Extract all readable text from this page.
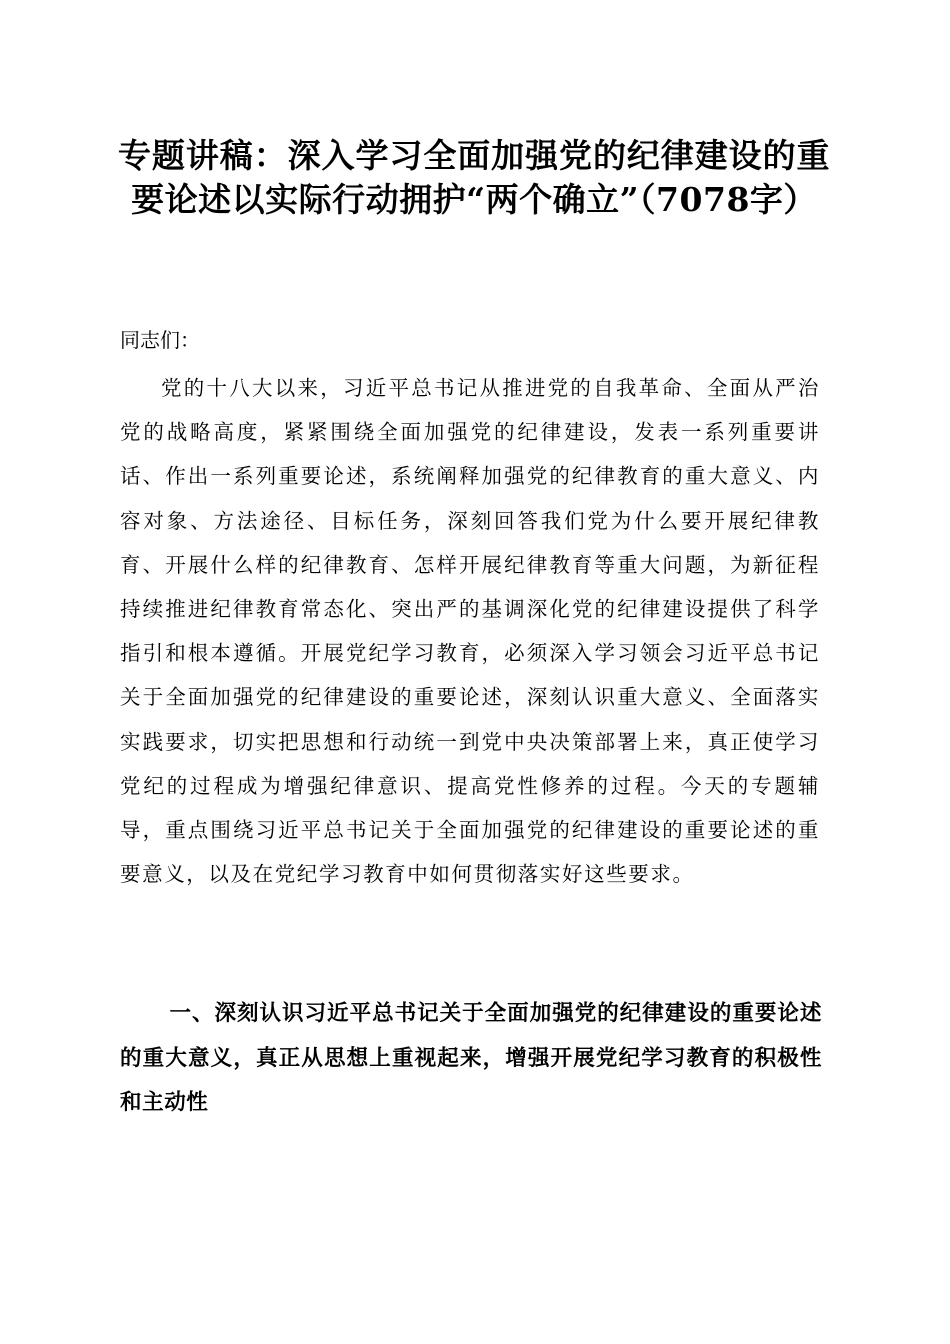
专题讲稿：深入学习全面加强党的纪律建设的重要论述以实际行动拥护“两个确立”（7078字）

同志们：

党的十八大以来，习近平总书记从推进党的自我革命、全面从严治党的战略高度，紧紧围绕全面加强党的纪律建设，发表一系列重要讲话、作出一系列重要论述，系统阐释加强党的纪律教育的重大意义、内容对象、方法途径、目标任务，深刻回答我们党为什么要开展纪律教育、开展什么样的纪律教育、怎样开展纪律教育等重大问题，为新征程持续推进纪律教育常态化、突出严的基调深化党的纪律建设提供了科学指引和根本遵循。开展党纪学习教育，必须深入学习领会习近平总书记关于全面加强党的纪律建设的重要论述，深刻认识重大意义、全面落实实践要求，切实把思想和行动统一到党中央决策部署上来，真正使学习党纪的过程成为增强纪律意识、提高党性修养的过程。今天的专题辅导，重点围绕习近平总书记关于全面加强党的纪律建设的重要论述的重要意义，以及在党纪学习教育中如何贯彻落实好这些要求。

一、深刻认识习近平总书记关于全面加强党的纪律建设的重要论述的重大意义，真正从思想上重视起来，增强开展党纪学习教育的积极性和主动性
